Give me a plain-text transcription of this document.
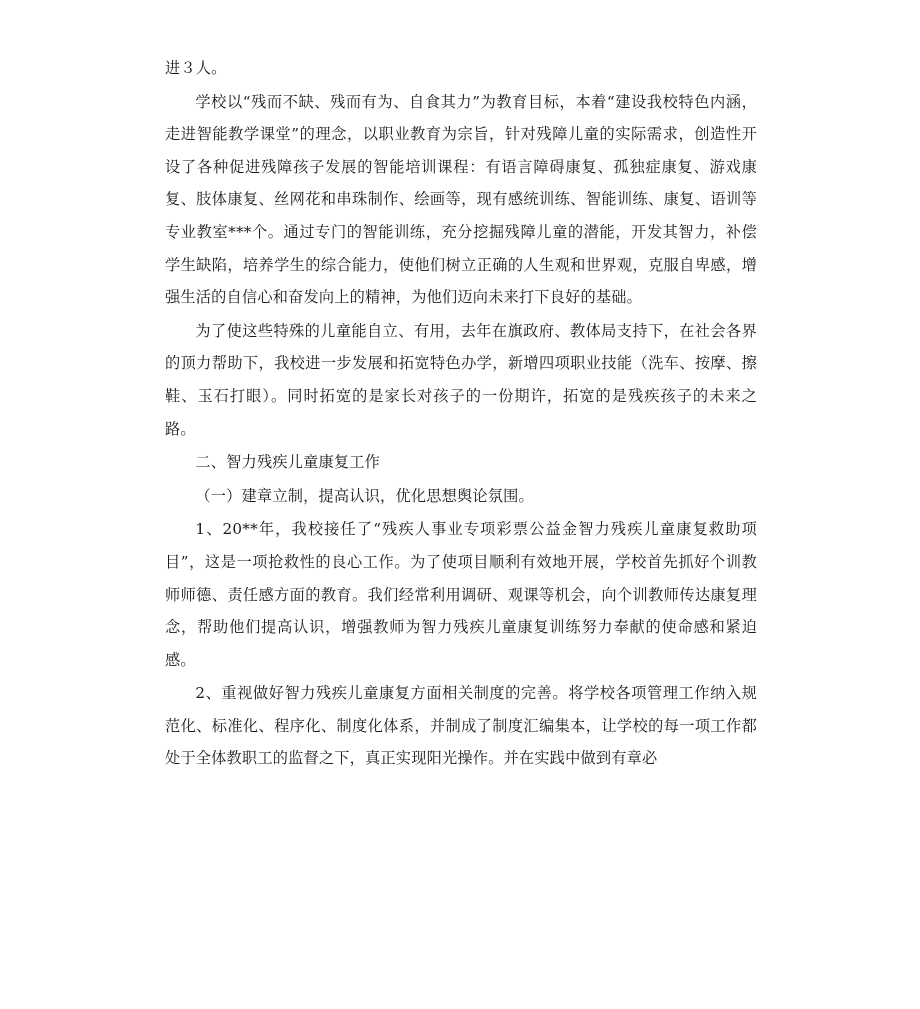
进３人。

学校以“残而不缺、残而有为、自食其力”为教育目标，本着“建设我校特色内涵，走进智能教学课堂”的理念，以职业教育为宗旨，针对残障儿童的实际需求，创造性开设了各种促进残障孩子发展的智能培训课程：有语言障碍康复、孤独症康复、游戏康复、肢体康复、丝网花和串珠制作、绘画等，现有感统训练、智能训练、康复、语训等专业教室***个。通过专门的智能训练，充分挖掘残障儿童的潜能，开发其智力，补偿学生缺陷，培养学生的综合能力，使他们树立正确的人生观和世界观，克服自卑感，增强生活的自信心和奋发向上的精神，为他们迈向未来打下良好的基础。

为了使这些特殊的儿童能自立、有用，去年在旗政府、教体局支持下，在社会各界的顶力帮助下，我校进一步发展和拓宽特色办学，新增四项职业技能（洗车、按摩、擦鞋、玉石打眼）。同时拓宽的是家长对孩子的一份期许，拓宽的是残疾孩子的未来之路。

二、智力残疾儿童康复工作

（一）建章立制，提高认识，优化思想舆论氛围。

1、20**年，我校接任了“残疾人事业专项彩票公益金智力残疾儿童康复救助项目”，这是一项抢救性的良心工作。为了使项目顺利有效地开展，学校首先抓好个训教师师德、责任感方面的教育。我们经常利用调研、观课等机会，向个训教师传达康复理念，帮助他们提高认识，增强教师为智力残疾儿童康复训练努力奉献的使命感和紧迫感。

2、重视做好智力残疾儿童康复方面相关制度的完善。将学校各项管理工作纳入规范化、标准化、程序化、制度化体系，并制成了制度汇编集本，让学校的每一项工作都处于全体教职工的监督之下，真正实现阳光操作。并在实践中做到有章必
